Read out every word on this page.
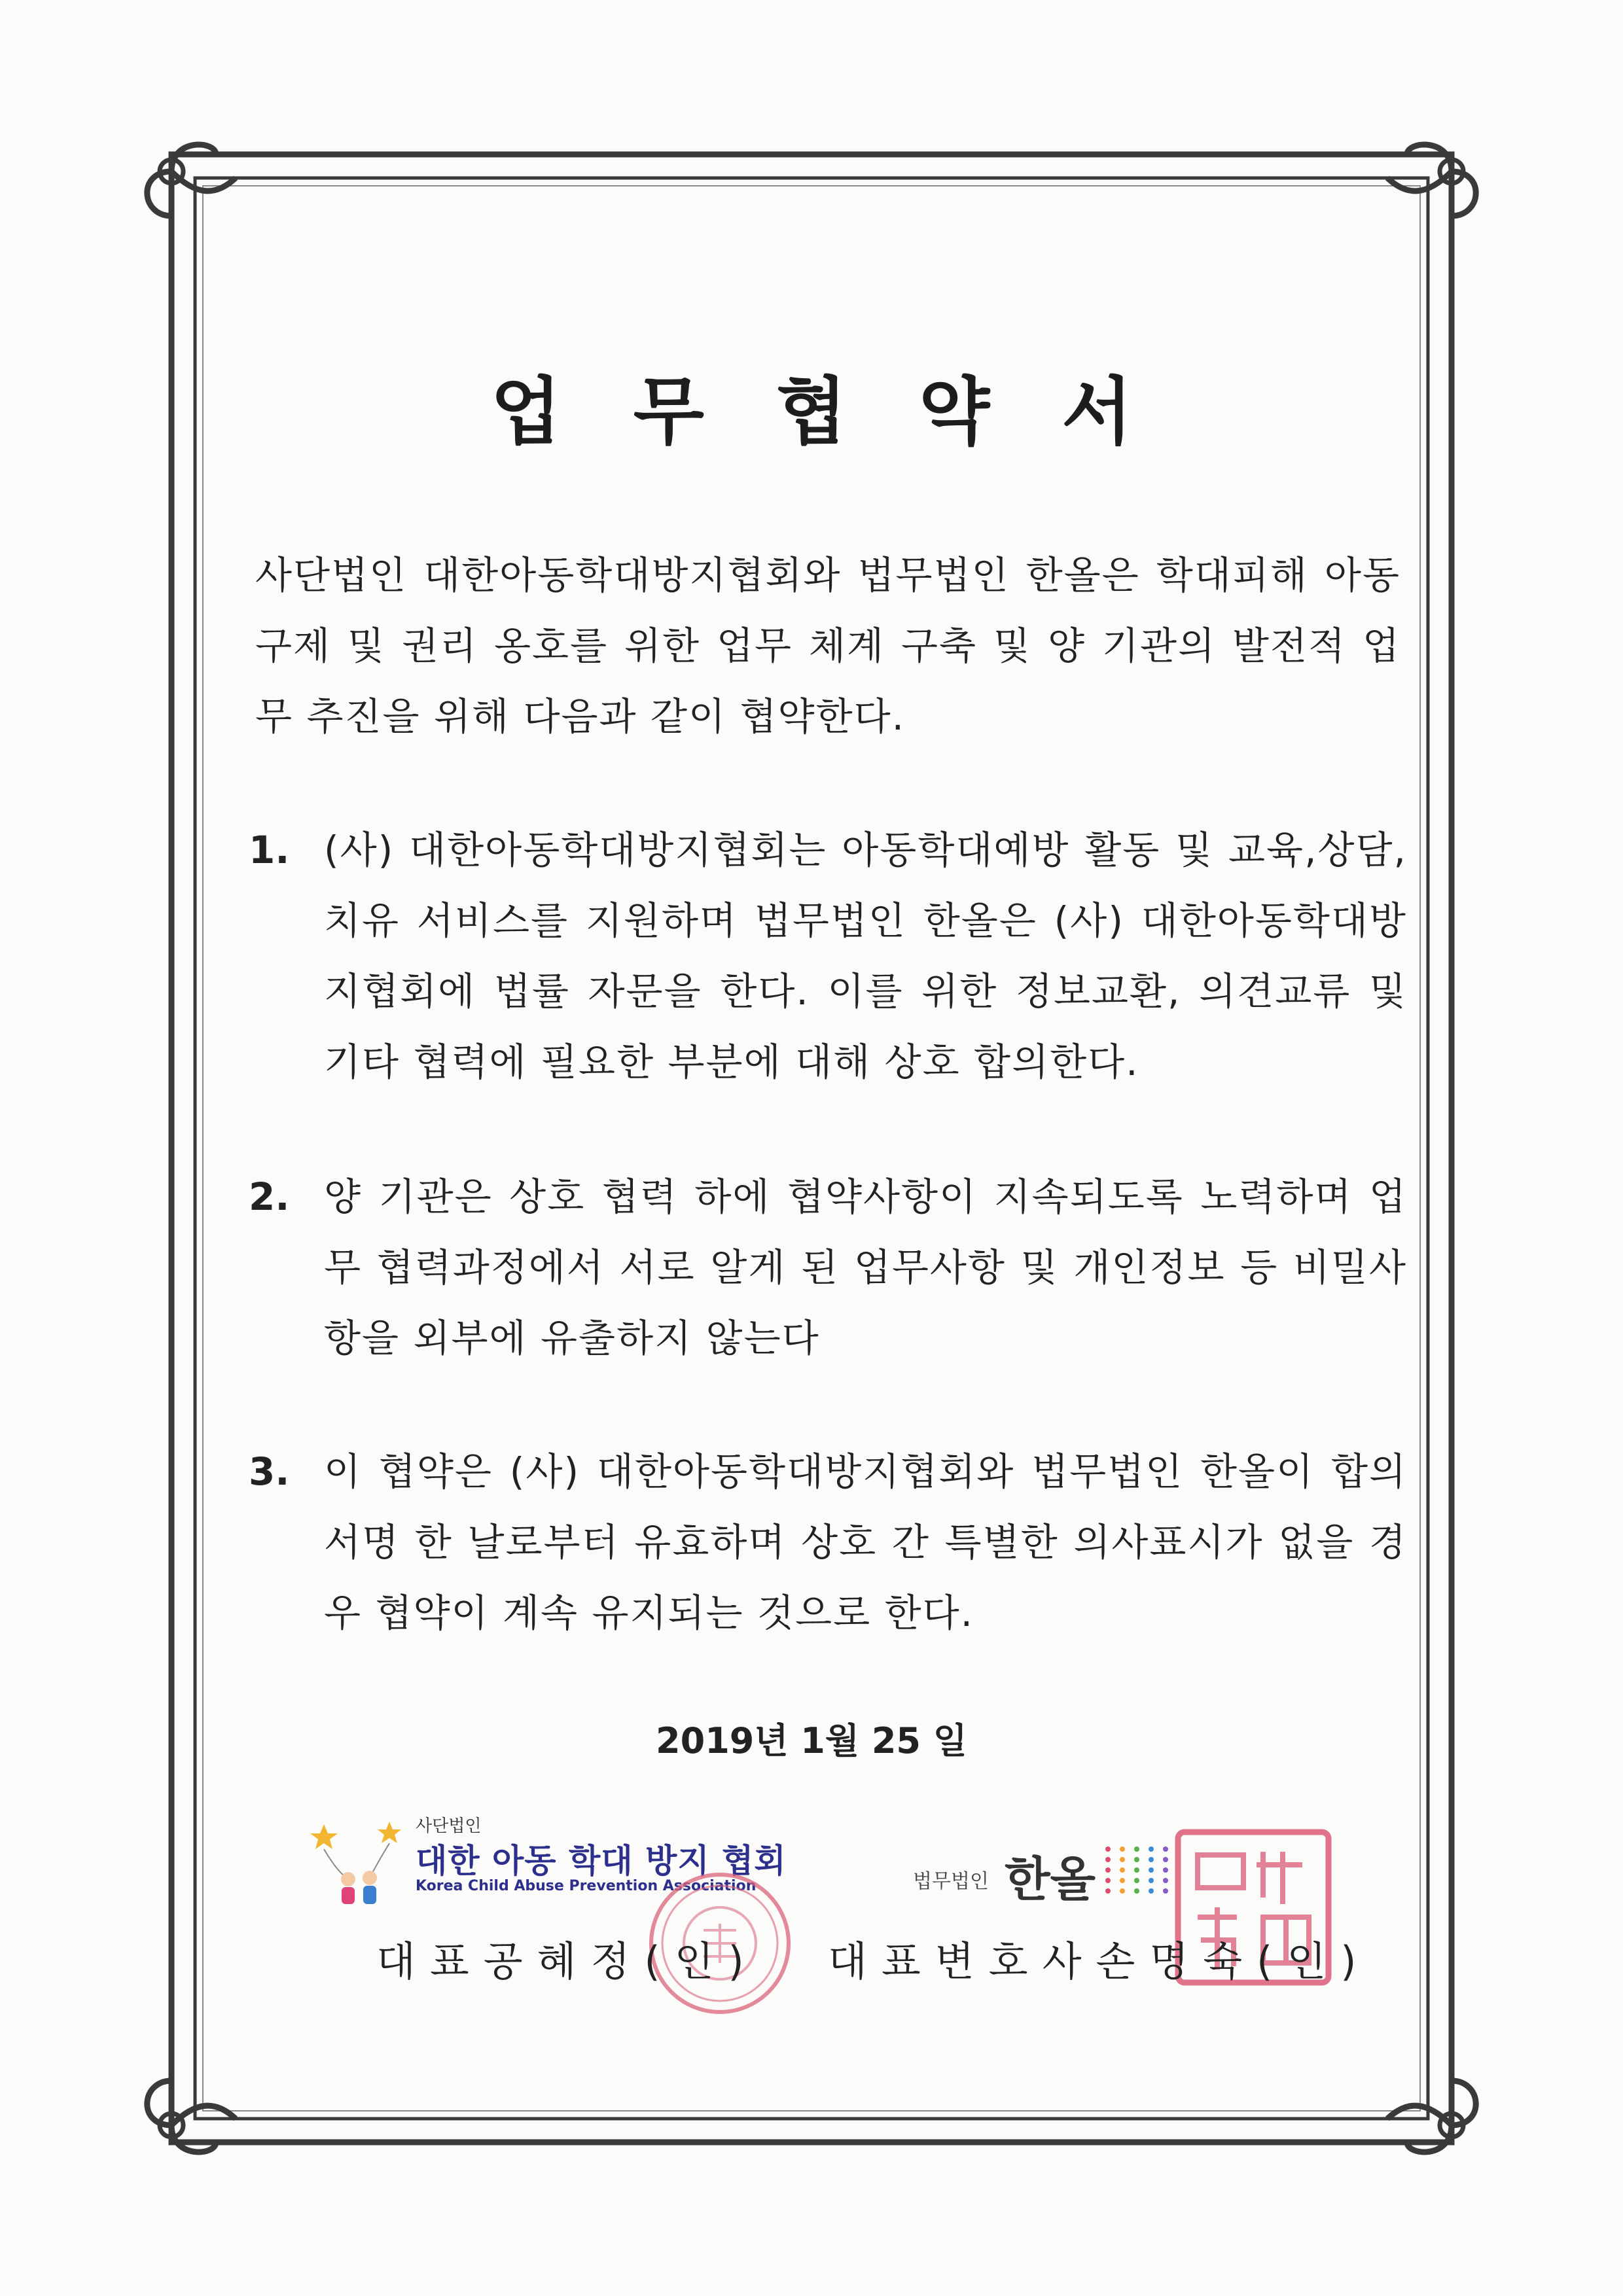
업무협약서

사단법인 대한아동학대방지협회와 법무법인 한올은 학대피해 아동 구제 및 권리 옹호를 위한 업무 체계 구축 및 양 기관의 발전적 업무 추진을 위해 다음과 같이 협약한다.

1. (사) 대한아동학대방지협회는 아동학대예방 활동 및 교육,상담, 치유 서비스를 지원하며 법무법인 한올은 (사) 대한아동학대방지협회에 법률 자문을 한다. 이를 위한 정보교환, 의견교류 및 기타 협력에 필요한 부분에 대해 상호 합의한다.

2. 양 기관은 상호 협력 하에 협약사항이 지속되도록 노력하며 업무 협력과정에서 서로 알게 된 업무사항 및 개인정보 등 비밀사항을 외부에 유출하지 않는다

3. 이 협약은 (사) 대한아동학대방지협회와 법무법인 한올이 합의 서명 한 날로부터 유효하며 상호 간 특별한 의사표시가 없을 경우 협약이 계속 유지되는 것으로 한다.

2019년 1월 25 일
사단법인
대한 아동 학대 방지 협회
Korea Child Abuse Prevention Association	법무법인 한올
대표공혜정(인) 대표변호사손명숙(인)
